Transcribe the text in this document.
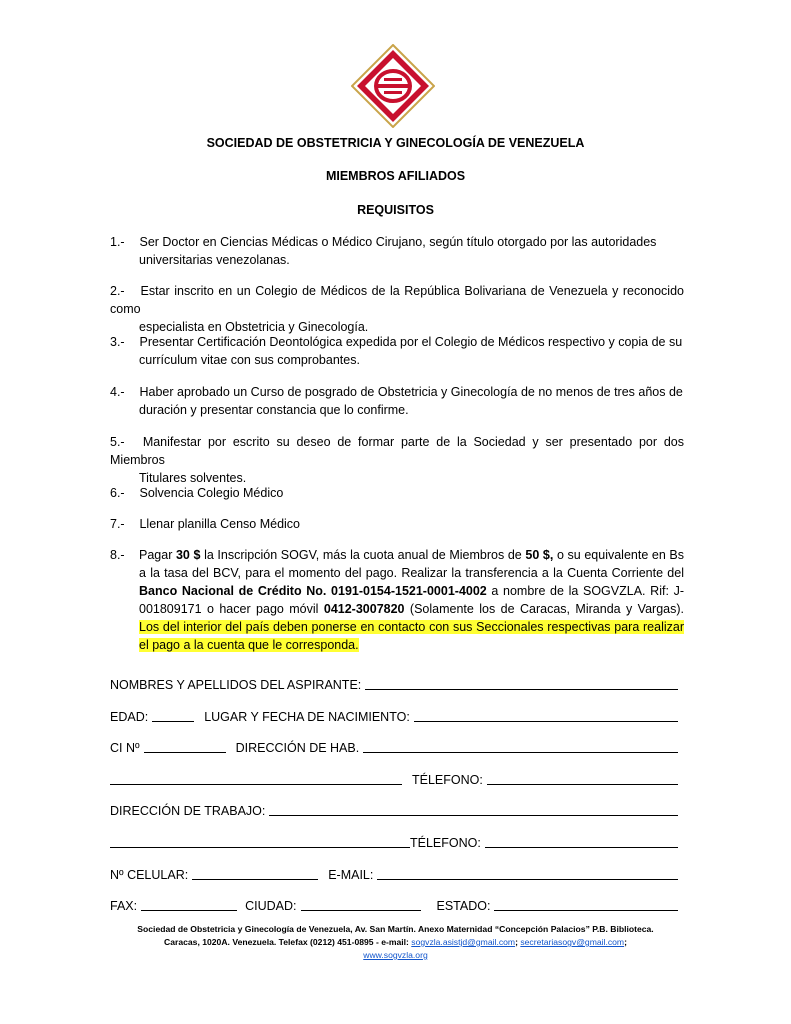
SOCIEDAD DE OBSTETRICIA Y GINECOLOGÍA DE VENEZUELA
MIEMBROS AFILIADOS
REQUISITOS
1.- Ser Doctor en Ciencias Médicas o Médico Cirujano, según título otorgado por las autoridades
universitarias venezolanas.
2.- Estar inscrito en un Colegio de Médicos de la República Bolivariana de Venezuela y reconocido como
especialista en Obstetricia y Ginecología.
3.- Presentar Certificación Deontológica expedida por el Colegio de Médicos respectivo y copia de su
currículum vitae con sus comprobantes.
4.- Haber aprobado un Curso de posgrado de Obstetricia y Ginecología de no menos de tres años de
duración y presentar constancia que lo confirme.
5.- Manifestar por escrito su deseo de formar parte de la Sociedad y ser presentado por dos Miembros
Titulares solventes.
6.- Solvencia Colegio Médico
7.- Llenar planilla Censo Médico
8.-	Pagar 30 $ la Inscripción SOGV, más la cuota anual de Miembros de 50 $, o su equivalente en Bs a la tasa del BCV, para el momento del pago. Realizar la transferencia a la Cuenta Corriente del Banco Nacional de Crédito No. 0191-0154-1521-0001-4002 a nombre de la SOGVZLA. Rif: J-001809171 o hacer pago móvil 0412-3007820 (Solamente los de Caracas, Miranda y Vargas). Los del interior del país deben ponerse en contacto con sus Seccionales respectivas para realizar el pago a la cuenta que le corresponda.
NOMBRES Y APELLIDOS DEL ASPIRANTE:
EDAD:	LUGAR Y FECHA DE NACIMIENTO:
CI Nº	DIRECCIÓN DE HAB.
TÉLEFONO:
DIRECCIÓN DE TRABAJO:
TÉLEFONO:
Nº CELULAR:	E-MAIL:
FAX:	CIUDAD:	ESTADO:
Sociedad de Obstetricia y Ginecología de Venezuela, Av. San Martín. Anexo Maternidad “Concepción Palacios” P.B. Biblioteca.
Caracas, 1020A. Venezuela. Telefax (0212) 451-0895 - e-mail: sogvzla.asistjd@gmail.com; secretariasogv@gmail.com;
www.sogvzla.org
